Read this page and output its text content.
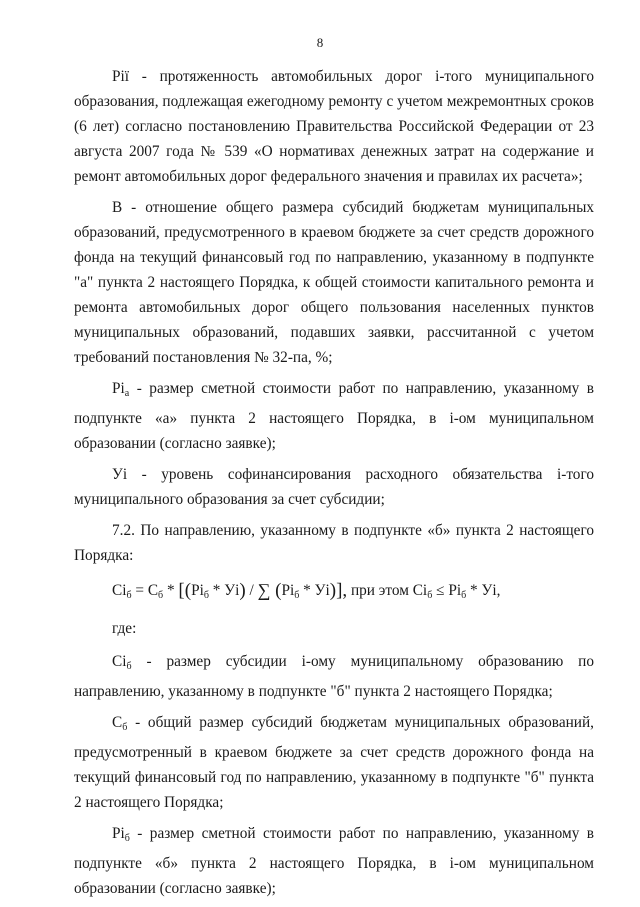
8

Piї - протяженность автомобильных дорог i-того муниципального образования, подлежащая ежегодному ремонту с учетом межремонтных сроков (6 лет) согласно постановлению Правительства Российской Федерации от 23 августа 2007 года № 539 «О нормативах денежных затрат на содержание и ремонт автомобильных дорог федерального значения и правилах их расчета»;

В - отношение общего размера субсидий бюджетам муниципальных образований, предусмотренного в краевом бюджете за счет средств дорожного фонда на текущий финансовый год по направлению, указанному в подпункте "а" пункта 2 настоящего Порядка, к общей стоимости капитального ремонта и ремонта автомобильных дорог общего пользования населенных пунктов муниципальных образований, подавших заявки, рассчитанной с учетом требований постановления № 32-па, %;

$Pi_а$ - размер сметной стоимости работ по направлению, указанному в подпункте «а» пункта 2 настоящего Порядка, в i-ом муниципальном образовании (согласно заявке);

Уi - уровень софинансирования расходного обязательства i-того муниципального образования за счет субсидии;

7.2. По направлению, указанному в подпункте «б» пункта 2 настоящего Порядка:

$Ci_б = С_б * [(Pi_б * Уi)$ / ∑ $(Pi_б * Уi)$], при этом $Ci_б \le Pi_б$ * Уi,
где:

$Ci_б$ - размер субсидии i-ому муниципальному образованию по направлению, указанному в подпункте "б" пункта 2 настоящего Порядка;

$С_б$ - общий размер субсидий бюджетам муниципальных образований, предусмотренный в краевом бюджете за счет средств дорожного фонда на текущий финансовый год по направлению, указанному в подпункте "б" пункта 2 настоящего Порядка;

$Pi_б$ - размер сметной стоимости работ по направлению, указанному в подпункте «б» пункта 2 настоящего Порядка, в i-ом муниципальном образовании (согласно заявке);
